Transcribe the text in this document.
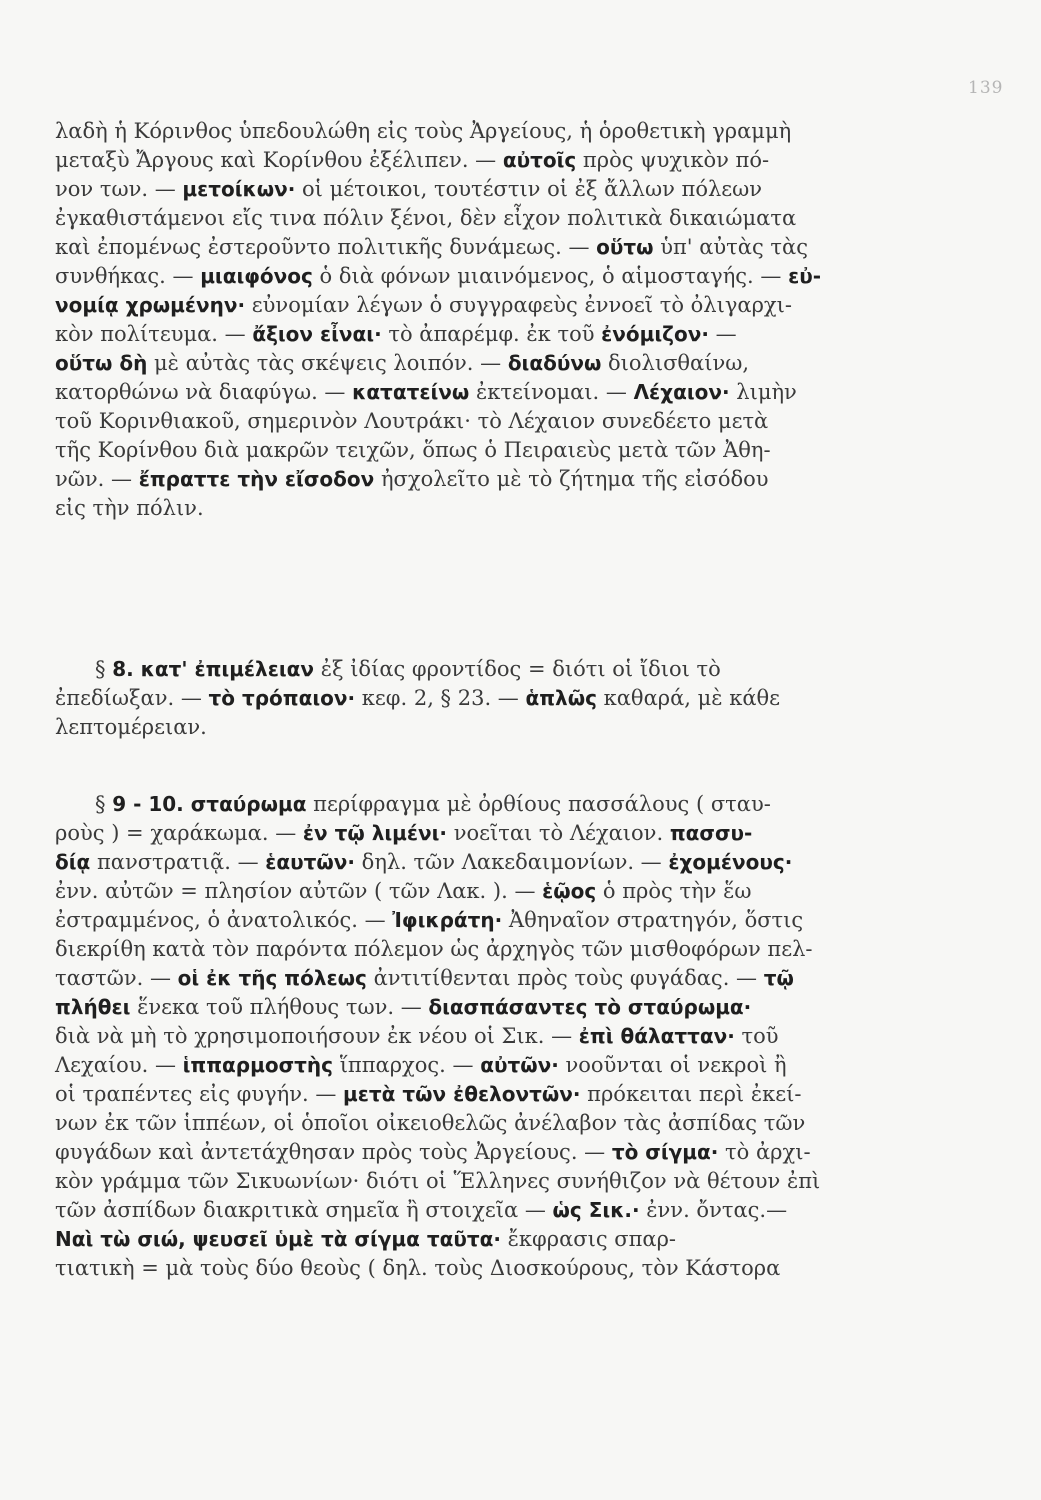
139
λαδὴ ἡ Κόρινθος ὑπεδουλώθη εἰς τοὺς Ἀργείους, ἡ ὁροθετικὴ γραμμὴ
μεταξὺ Ἄργους καὶ Κορίνθου ἐξέλιπεν. — αὐτοῖς πρὸς ψυχικὸν πό-
νον των. — μετοίκων· οἱ μέτοικοι, τουτέστιν οἱ ἐξ ἄλλων πόλεων
ἐγκαθιστάμενοι εἴς τινα πόλιν ξένοι, δὲν εἶχον πολιτικὰ δικαιώματα
καὶ ἐπομένως ἐστεροῦντο πολιτικῆς δυνάμεως. — οὕτω ὑπ' αὐτὰς τὰς
συνθήκας. — μιαιφόνος ὁ διὰ φόνων μιαινόμενος, ὁ αἱμοσταγής. — εὐ-
νομίᾳ χρωμένην· εὐνομίαν λέγων ὁ συγγραφεὺς ἐννοεῖ τὸ ὀλιγαρχι-
κὸν πολίτευμα. — ἄξιον εἶναι· τὸ ἀπαρέμφ. ἐκ τοῦ ἐνόμιζον· —
οὕτω δὴ μὲ αὐτὰς τὰς σκέψεις λοιπόν. — διαδύνω διολισθαίνω,
κατορθώνω νὰ διαφύγω. — κατατείνω ἐκτείνομαι. — Λέχαιον· λιμὴν
τοῦ Κορινθιακοῦ, σημερινὸν Λουτράκι· τὸ Λέχαιον συνεδέετο μετὰ
τῆς Κορίνθου διὰ μακρῶν τειχῶν, ὅπως ὁ Πειραιεὺς μετὰ τῶν Ἀθη-
νῶν. — ἔπραττε τὴν εἴσοδον ἠσχολεῖτο μὲ τὸ ζήτημα τῆς εἰσόδου
εἰς τὴν πόλιν.
§ 8. κατ' ἐπιμέλειαν ἐξ ἰδίας φροντίδος = διότι οἱ ἴδιοι τὸ
ἐπεδίωξαν. — τὸ τρόπαιον· κεφ. 2, § 23. — ἁπλῶς καθαρά, μὲ κάθε
λεπτομέρειαν.
§ 9 - 10. σταύρωμα περίφραγμα μὲ ὀρθίους πασσάλους ( σταυ-
ροὺς ) = χαράκωμα. — ἐν τῷ λιμένι· νοεῖται τὸ Λέχαιον. πασσυ-
δίᾳ πανστρατιᾷ. — ἑαυτῶν· δηλ. τῶν Λακεδαιμονίων. — ἐχομένους·
ἐνν. αὐτῶν = πλησίον αὐτῶν ( τῶν Λακ. ). — ἑῷος ὁ πρὸς τὴν ἕω
ἐστραμμένος, ὁ ἀνατολικός. — Ἰφικράτη· Ἀθηναῖον στρατηγόν, ὅστις
διεκρίθη κατὰ τὸν παρόντα πόλεμον ὡς ἀρχηγὸς τῶν μισθοφόρων πελ-
ταστῶν. — οἱ ἐκ τῆς πόλεως ἀντιτίθενται πρὸς τοὺς φυγάδας. — τῷ
πλήθει ἕνεκα τοῦ πλήθους των. — διασπάσαντες τὸ σταύρωμα·
διὰ νὰ μὴ τὸ χρησιμοποιήσουν ἐκ νέου οἱ Σικ. — ἐπὶ θάλατταν· τοῦ
Λεχαίου. — ἱππαρμοστὴς ἵππαρχος. — αὐτῶν· νοοῦνται οἱ νεκροὶ ἢ
οἱ τραπέντες εἰς φυγήν. — μετὰ τῶν ἐθελοντῶν· πρόκειται περὶ ἐκεί-
νων ἐκ τῶν ἱππέων, οἱ ὁποῖοι οἰκειοθελῶς ἀνέλαβον τὰς ἀσπίδας τῶν
φυγάδων καὶ ἀντετάχθησαν πρὸς τοὺς Ἀργείους. — τὸ σίγμα· τὸ ἀρχι-
κὸν γράμμα τῶν Σικυωνίων· διότι οἱ Ἕλληνες συνήθιζον νὰ θέτουν ἐπὶ
τῶν ἀσπίδων διακριτικὰ σημεῖα ἢ στοιχεῖα — ὡς Σικ.· ἐνν. ὄντας.—
Ναὶ τὼ σιώ, ψευσεῖ ὑμὲ τὰ σίγμα ταῦτα· ἔκφρασις σπαρ-
τιατικὴ = μὰ τοὺς δύο θεοὺς ( δηλ. τοὺς Διοσκούρους, τὸν Κάστορα
